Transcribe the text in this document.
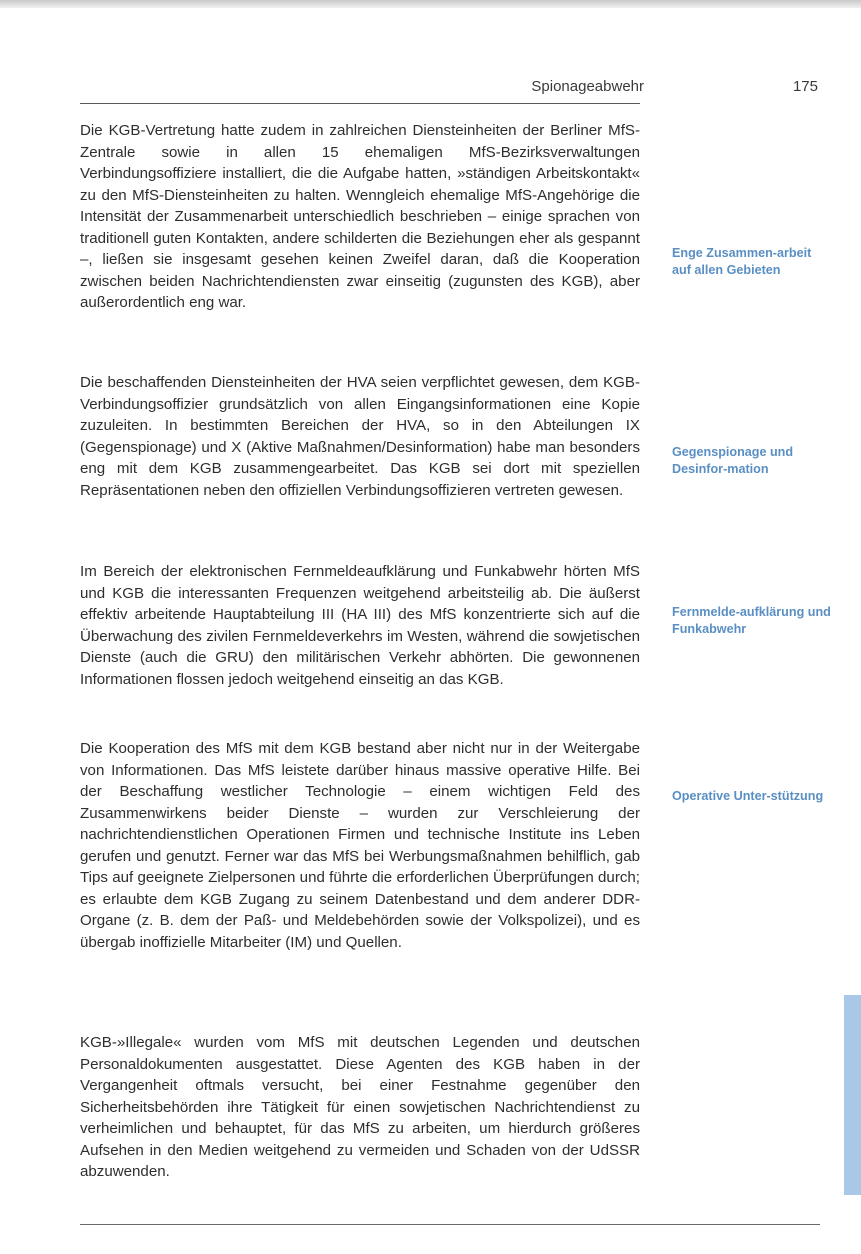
Spionageabwehr	175

Die KGB-Vertretung hatte zudem in zahlreichen Diensteinheiten der Berliner MfS-Zentrale sowie in allen 15 ehemaligen MfS-Bezirksverwaltungen Verbindungsoffiziere installiert, die die Aufgabe hatten, »ständigen Arbeitskontakt« zu den MfS-Diensteinheiten zu halten. Wenngleich ehemalige MfS-Angehörige die Intensität der Zusammenarbeit unterschiedlich beschrieben – einige sprachen von traditionell guten Kontakten, andere schilderten die Beziehungen eher als gespannt –, ließen sie insgesamt gesehen keinen Zweifel daran, daß die Kooperation zwischen beiden Nachrichtendiensten zwar einseitig (zugunsten des KGB), aber außerordentlich eng war.

Die beschaffenden Diensteinheiten der HVA seien verpflichtet gewesen, dem KGB-Verbindungsoffizier grundsätzlich von allen Eingangsinformationen eine Kopie zuzuleiten. In bestimmten Bereichen der HVA, so in den Abteilungen IX (Gegenspionage) und X (Aktive Maßnahmen/Desinformation) habe man besonders eng mit dem KGB zusammengearbeitet. Das KGB sei dort mit speziellen Repräsentationen neben den offiziellen Verbindungsoffizieren vertreten gewesen.

Im Bereich der elektronischen Fernmeldeaufklärung und Funkabwehr hörten MfS und KGB die interessanten Frequenzen weitgehend arbeitsteilig ab. Die äußerst effektiv arbeitende Hauptabteilung III (HA III) des MfS konzentrierte sich auf die Überwachung des zivilen Fernmeldeverkehrs im Westen, während die sowjetischen Dienste (auch die GRU) den militärischen Verkehr abhörten. Die gewonnenen Informationen flossen jedoch weitgehend einseitig an das KGB.

Die Kooperation des MfS mit dem KGB bestand aber nicht nur in der Weitergabe von Informationen. Das MfS leistete darüber hinaus massive operative Hilfe. Bei der Beschaffung westlicher Technologie – einem wichtigen Feld des Zusammenwirkens beider Dienste – wurden zur Verschleierung der nachrichtendienstlichen Operationen Firmen und technische Institute ins Leben gerufen und genutzt. Ferner war das MfS bei Werbungsmaßnahmen behilflich, gab Tips auf geeignete Zielpersonen und führte die erforderlichen Überprüfungen durch; es erlaubte dem KGB Zugang zu seinem Datenbestand und dem anderer DDR-Organe (z. B. dem der Paß- und Meldebehörden sowie der Volkspolizei), und es übergab inoffizielle Mitarbeiter (IM) und Quellen.

KGB-»Illegale« wurden vom MfS mit deutschen Legenden und deutschen Personaldokumenten ausgestattet. Diese Agenten des KGB haben in der Vergangenheit oftmals versucht, bei einer Festnahme gegenüber den Sicherheitsbehörden ihre Tätigkeit für einen sowjetischen Nachrichtendienst zu verheimlichen und behauptet, für das MfS zu arbeiten, um hierdurch größeres Aufsehen in den Medien weitgehend zu vermeiden und Schaden von der UdSSR abzuwenden.

Enge Zusammen-arbeit auf allen Gebieten

Gegenspionage und Desinfor-mation

Fernmelde-aufklärung und Funkabwehr

Operative Unter-stützung
